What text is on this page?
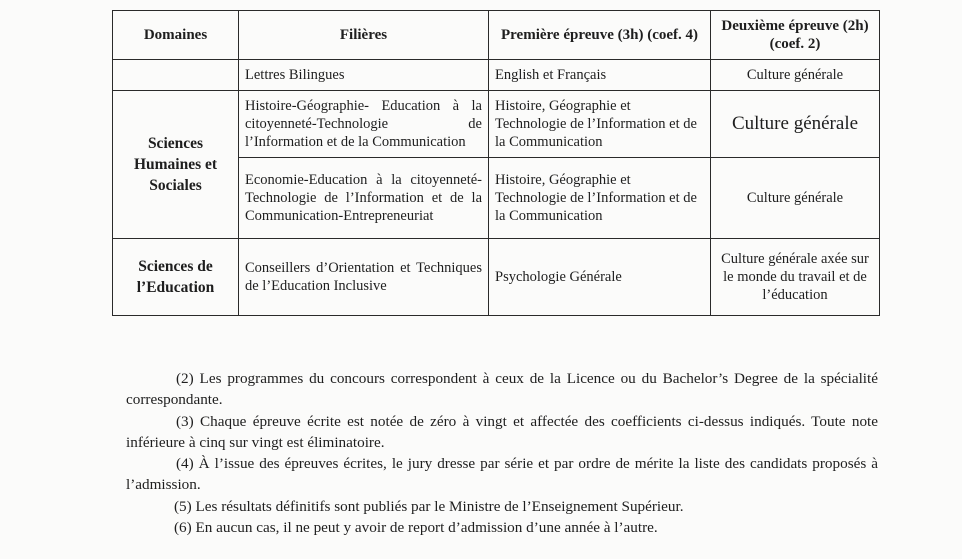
Domaines	Filières	Première épreuve (3h) (coef. 4)	Deuxième épreuve (2h) (coef. 2)
	Lettres Bilingues	English et Français	Culture générale
Sciences Humaines et Sociales	Histoire-Géographie- Education à la citoyenneté-Technologie de l’Information et de la Communication	Histoire, Géographie et Technologie de l’Information et de la Communication	Culture générale
	Economie-Education à la citoyenneté-Technologie de l’Information et de la Communication-Entrepreneuriat	Histoire, Géographie et Technologie de l’Information et de la Communication	Culture générale
Sciences de l’Education	Conseillers d’Orientation et Techniques de l’Education Inclusive	Psychologie Générale	Culture générale axée sur le monde du travail et de l’éducation

(2) Les programmes du concours correspondent à ceux de la Licence ou du Bachelor’s Degree de la spécialité correspondante.

(3) Chaque épreuve écrite est notée de zéro à vingt et affectée des coefficients ci-dessus indiqués. Toute note inférieure à cinq sur vingt est éliminatoire.

(4) À l’issue des épreuves écrites, le jury dresse par série et par ordre de mérite la liste des candidats proposés à l’admission.

(5) Les résultats définitifs sont publiés par le Ministre de l’Enseignement Supérieur.

(6) En aucun cas, il ne peut y avoir de report d’admission d’une année à l’autre.
